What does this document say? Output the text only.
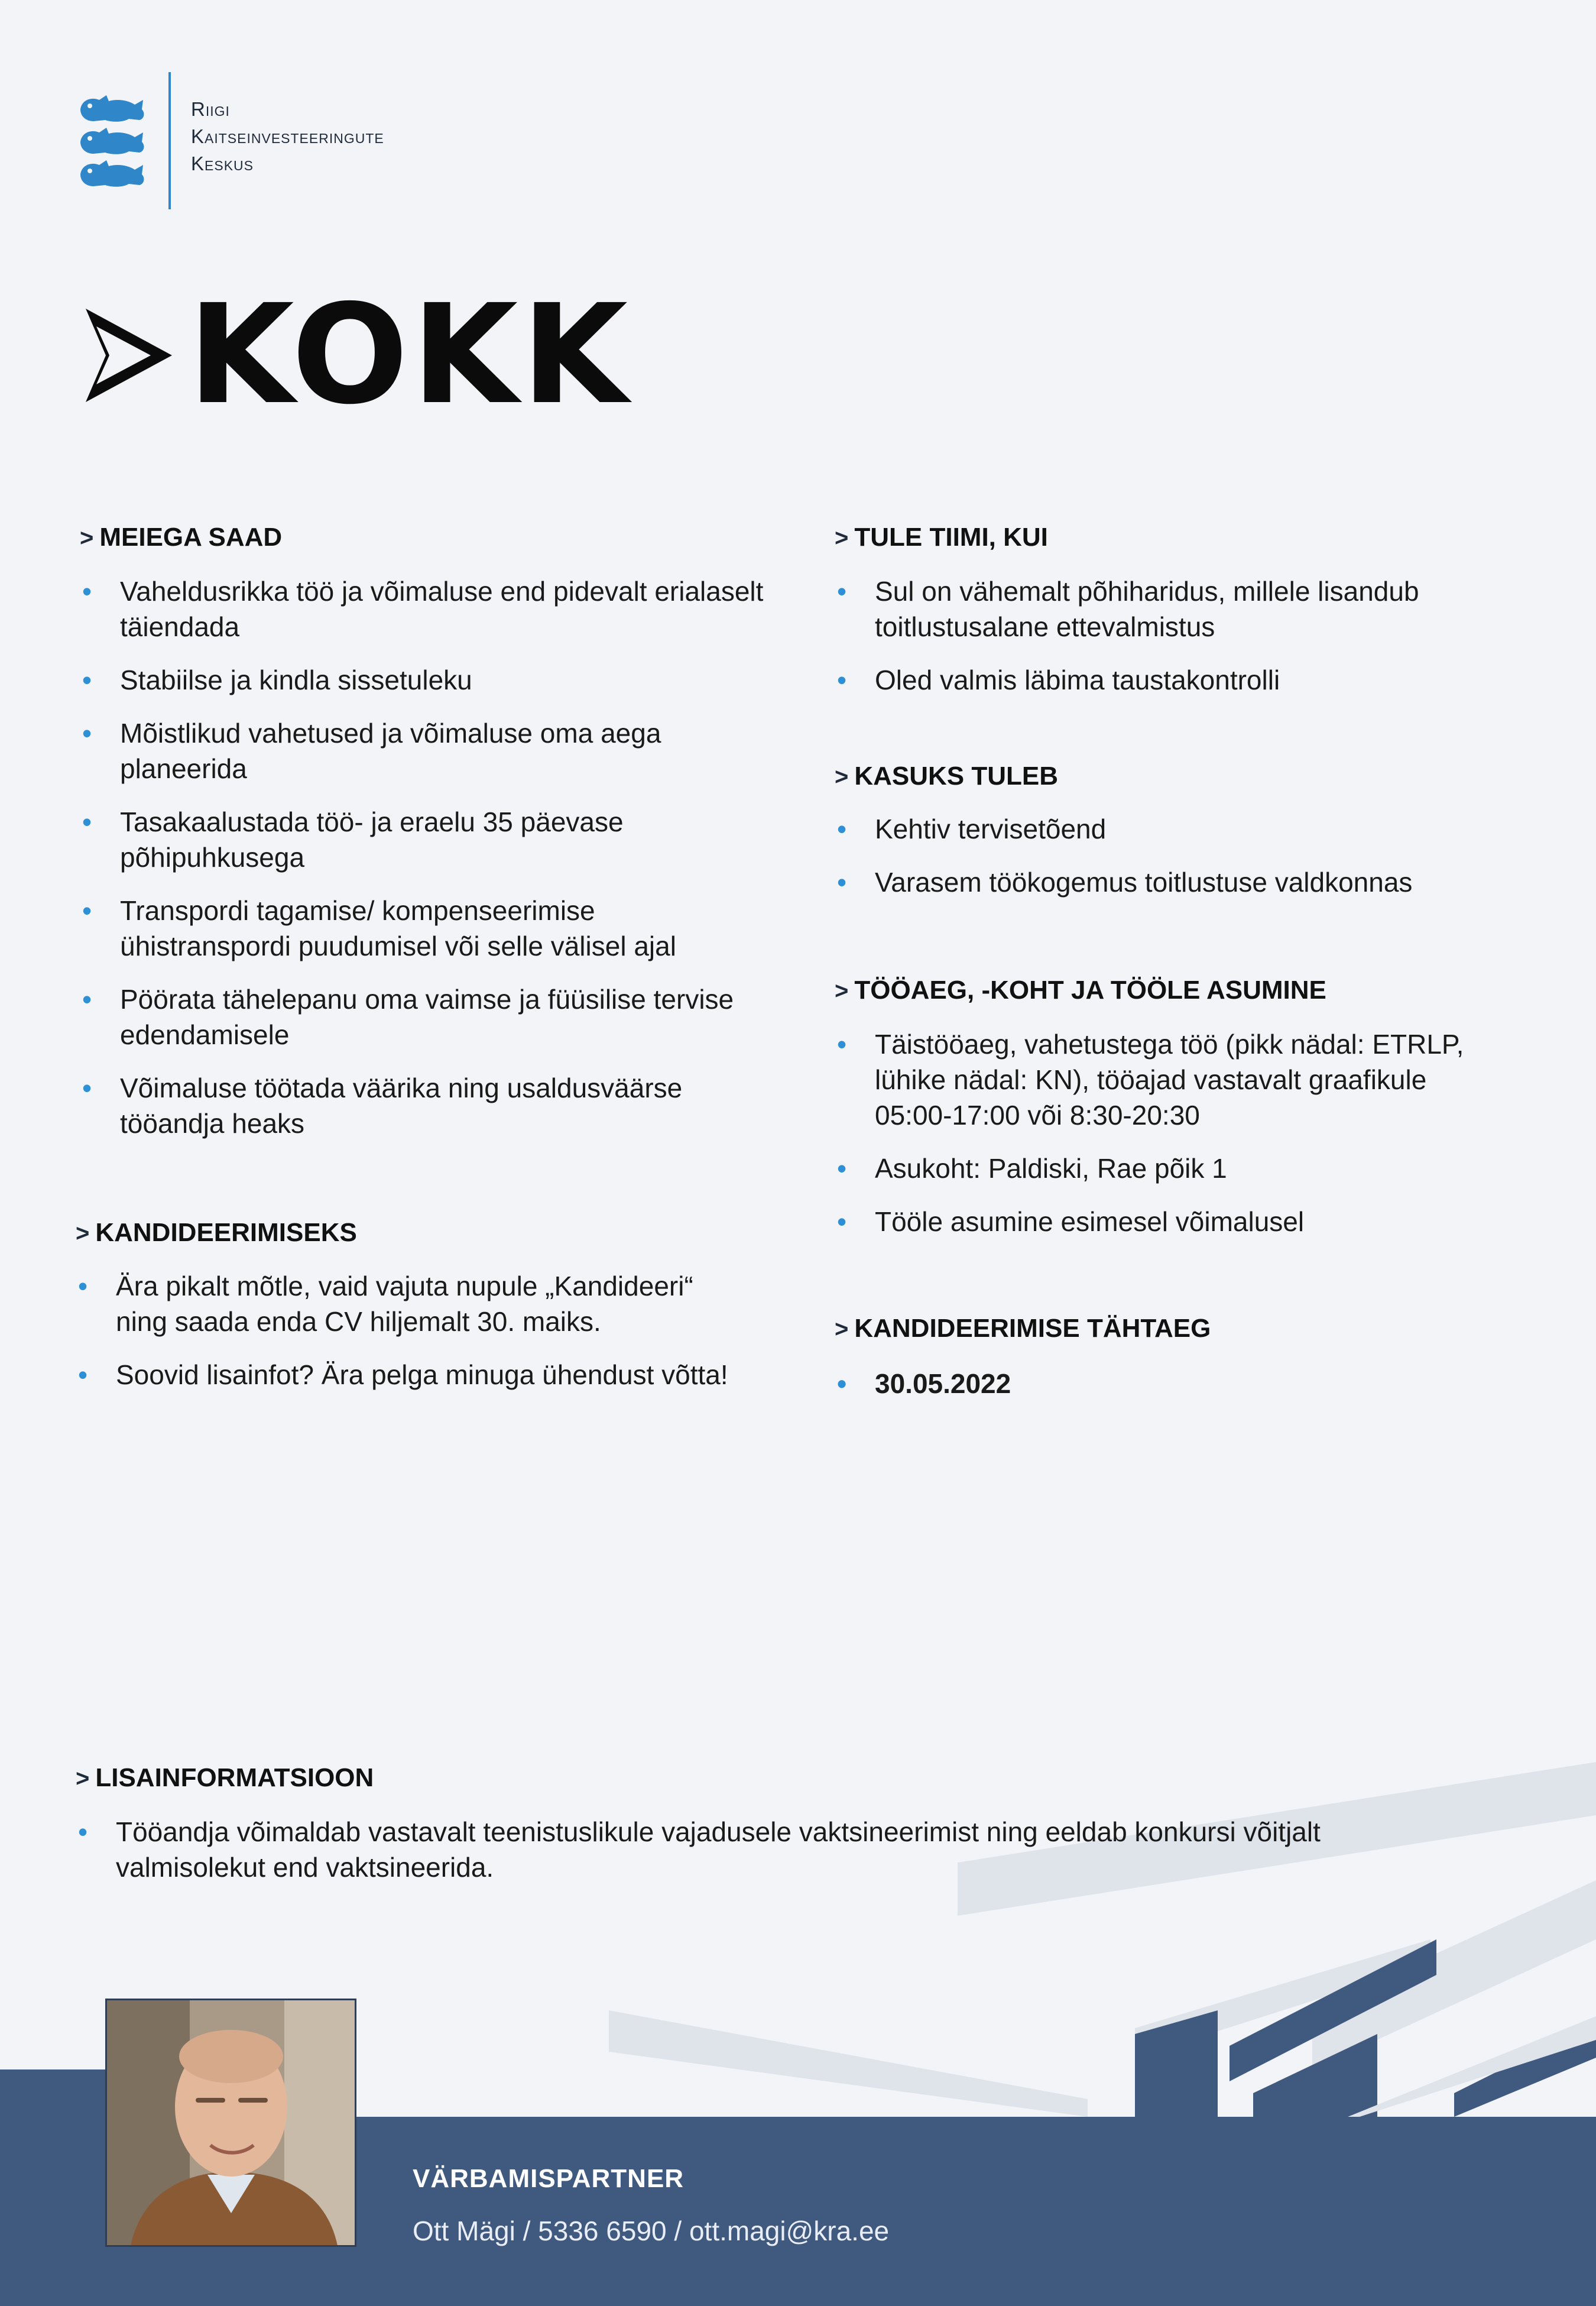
Riigi
Kaitseinvesteeringute
Keskus
KOKK
> MEIEGA SAAD
• Vaheldusrikka töö ja võimaluse end pidevalt erialaselt täiendada
• Stabiilse ja kindla sissetuleku
• Mõistlikud vahetused ja võimaluse oma aega planeerida
• Tasakaalustada töö- ja eraelu 35 päevase põhipuhkusega
• Transpordi tagamise/ kompenseerimise ühistranspordi puudumisel või selle välisel ajal
• Pöörata tähelepanu oma vaimse ja füüsilise tervise edendamisele
• Võimaluse töötada väärika ning usaldusväärse tööandja heaks
> KANDIDEERIMISEKS
• Ära pikalt mõtle, vaid vajuta nupule „Kandideeri“ ning saada enda CV hiljemalt 30. maiks.
• Soovid lisainfot? Ära pelga minuga ühendust võtta!
> TULE TIIMI, KUI
• Sul on vähemalt põhiharidus, millele lisandub toitlustusalane ettevalmistus
• Oled valmis läbima taustakontrolli
> KASUKS TULEB
• Kehtiv tervisetõend
• Varasem töökogemus toitlustuse valdkonnas
> TÖÖAEG, -KOHT JA TÖÖLE ASUMINE
• Täistööaeg, vahetustega töö (pikk nädal: ETRLP, lühike nädal: KN), tööajad vastavalt graafikule 05:00-17:00 või 8:30-20:30
• Asukoht: Paldiski, Rae põik 1
• Tööle asumine esimesel võimalusel
> KANDIDEERIMISE TÄHTAEG
• 30.05.2022
> LISAINFORMATSIOON
• Tööandja võimaldab vastavalt teenistuslikule vajadusele vaktsineerimist ning eeldab konkursi võitjalt valmisolekut end vaktsineerida.
VÄRBAMISPARTNER
Ott Mägi / 5336 6590 / ott.magi@kra.ee
